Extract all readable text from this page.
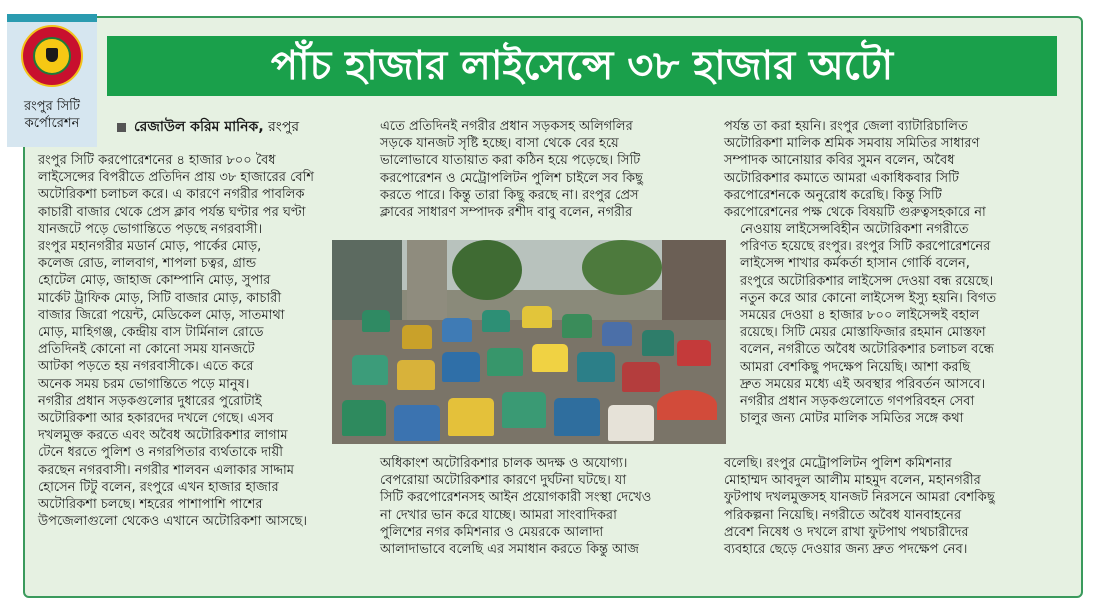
রংপুর সিটি
কর্পোরেশন
পাঁচ হাজার লাইসেন্সে ৩৮ হাজার অটো
রেজাউল করিম মানিক, রংপুর
রংপুর সিটি করপোরেশনের ৪ হাজার ৮০০ বৈধ
লাইসেন্সের বিপরীতে প্রতিদিন প্রায় ৩৮ হাজারের বেশি
অটোরিকশা চলাচল করে। এ কারণে নগরীর পাবলিক
কাচারী বাজার থেকে প্রেস ক্লাব পর্যন্ত ঘণ্টার পর ঘণ্টা
যানজটে পড়ে ভোগান্তিতে পড়ছে নগরবাসী।
রংপুর মহানগরীর মডার্ন মোড়, পার্কের মোড়,
কলেজ রোড, লালবাগ, শাপলা চত্বর, গ্রান্ড
হোটেল মোড়, জাহাজ কোম্পানি মোড়, সুপার
মার্কেট ট্রাফিক মোড়, সিটি বাজার মোড়, কাচারী
বাজার জিরো পয়েন্ট, মেডিকেল মোড়, সাতমাথা
মোড়, মাহিগঞ্জ, কেন্দ্রীয় বাস টার্মিনাল রোডে
প্রতিদিনই কোনো না কোনো সময় যানজটে
আটকা পড়তে হয় নগরবাসীকে। এতে করে
অনেক সময় চরম ভোগান্তিতে পড়ে মানুষ।
নগরীর প্রধান সড়কগুলোর দুধারের পুরোটাই
অটোরিকশা আর হকারদের দখলে গেছে। এসব
দখলমুক্ত করতে এবং অবৈধ অটোরিকশার লাগাম
টেনে ধরতে পুলিশ ও নগরপিতার ব্যর্থতাকে দায়ী
করছেন নগরবাসী। নগরীর শালবন এলাকার সাদ্দাম
হোসেন টিটু বলেন, রংপুরে এখন হাজার হাজার
অটোরিকশা চলছে। শহরের পাশাপাশি পাশের
উপজেলাগুলো থেকেও এখানে অটোরিকশা আসছে।
এতে প্রতিদিনই নগরীর প্রধান সড়কসহ অলিগলির
সড়কে যানজট সৃষ্টি হচ্ছে। বাসা থেকে বের হয়ে
ভালোভাবে যাতায়াত করা কঠিন হয়ে পড়েছে। সিটি
করপোরেশন ও মেট্রোপলিটন পুলিশ চাইলে সব কিছু
করতে পারে। কিন্তু তারা কিছু করছে না। রংপুর প্রেস
ক্লাবের সাধারণ সম্পাদক রশীদ বাবু বলেন, নগরীর
অধিকাংশ অটোরিকশার চালক অদক্ষ ও অযোগ্য।
বেপরোয়া অটোরিকশার কারণে দুর্ঘটনা ঘটছে। যা
সিটি করপোরেশনসহ আইন প্রয়োগকারী সংস্থা দেখেও
না দেখার ভান করে যাচ্ছে। আমরা সাংবাদিকরা
পুলিশের নগর কমিশনার ও মেয়রকে আলাদা
আলাদাভাবে বলেছি এর সমাধান করতে কিন্তু আজ
পর্যন্ত তা করা হয়নি। রংপুর জেলা ব্যাটারিচালিত
অটোরিকশা মালিক শ্রমিক সমবায় সমিতির সাধারণ
সম্পাদক আনোয়ার কবির সুমন বলেন, অবৈধ
অটোরিকশার কমাতে আমরা একাধিকবার সিটি
করপোরেশনকে অনুরোধ করেছি। কিন্তু সিটি
করপোরেশনের পক্ষ থেকে বিষয়টি গুরুত্বসহকারে না
নেওয়ায় লাইসেন্সবিহীন অটোরিকশা নগরীতে
পরিণত হয়েছে রংপুর। রংপুর সিটি করপোরেশনের
লাইসেন্স শাখার কর্মকর্তা হাসান গোর্কি বলেন,
রংপুরে অটোরিকশার লাইসেন্স দেওয়া বন্ধ রয়েছে।
নতুন করে আর কোনো লাইসেন্স ইস্যু হয়নি। বিগত
সময়ের দেওয়া ৪ হাজার ৮০০ লাইসেন্সই বহাল
রয়েছে। সিটি মেয়র মোস্তাফিজার রহমান মোস্তফা
বলেন, নগরীতে অবৈধ অটোরিকশার চলাচল বন্ধে
আমরা বেশকিছু পদক্ষেপ নিয়েছি। আশা করছি
দ্রুত সময়ের মধ্যে এই অবস্থার পরিবর্তন আসবে।
নগরীর প্রধান সড়কগুলোতে গণপরিবহন সেবা
চালুর জন্য মোটর মালিক সমিতির সঙ্গে কথা
বলেছি। রংপুর মেট্রোপলিটন পুলিশ কমিশনার
মোহাম্মদ আবদুল আলীম মাহমুদ বলেন, মহানগরীর
ফুটপাথ দখলমুক্তসহ যানজট নিরসনে আমরা বেশকিছু
পরিকল্পনা নিয়েছি। নগরীতে অবৈধ যানবাহনের
প্রবেশ নিষেধ ও দখলে রাখা ফুটপাথ পথচারীদের
ব্যবহারে ছেড়ে দেওয়ার জন্য দ্রুত পদক্ষেপ নেব।
